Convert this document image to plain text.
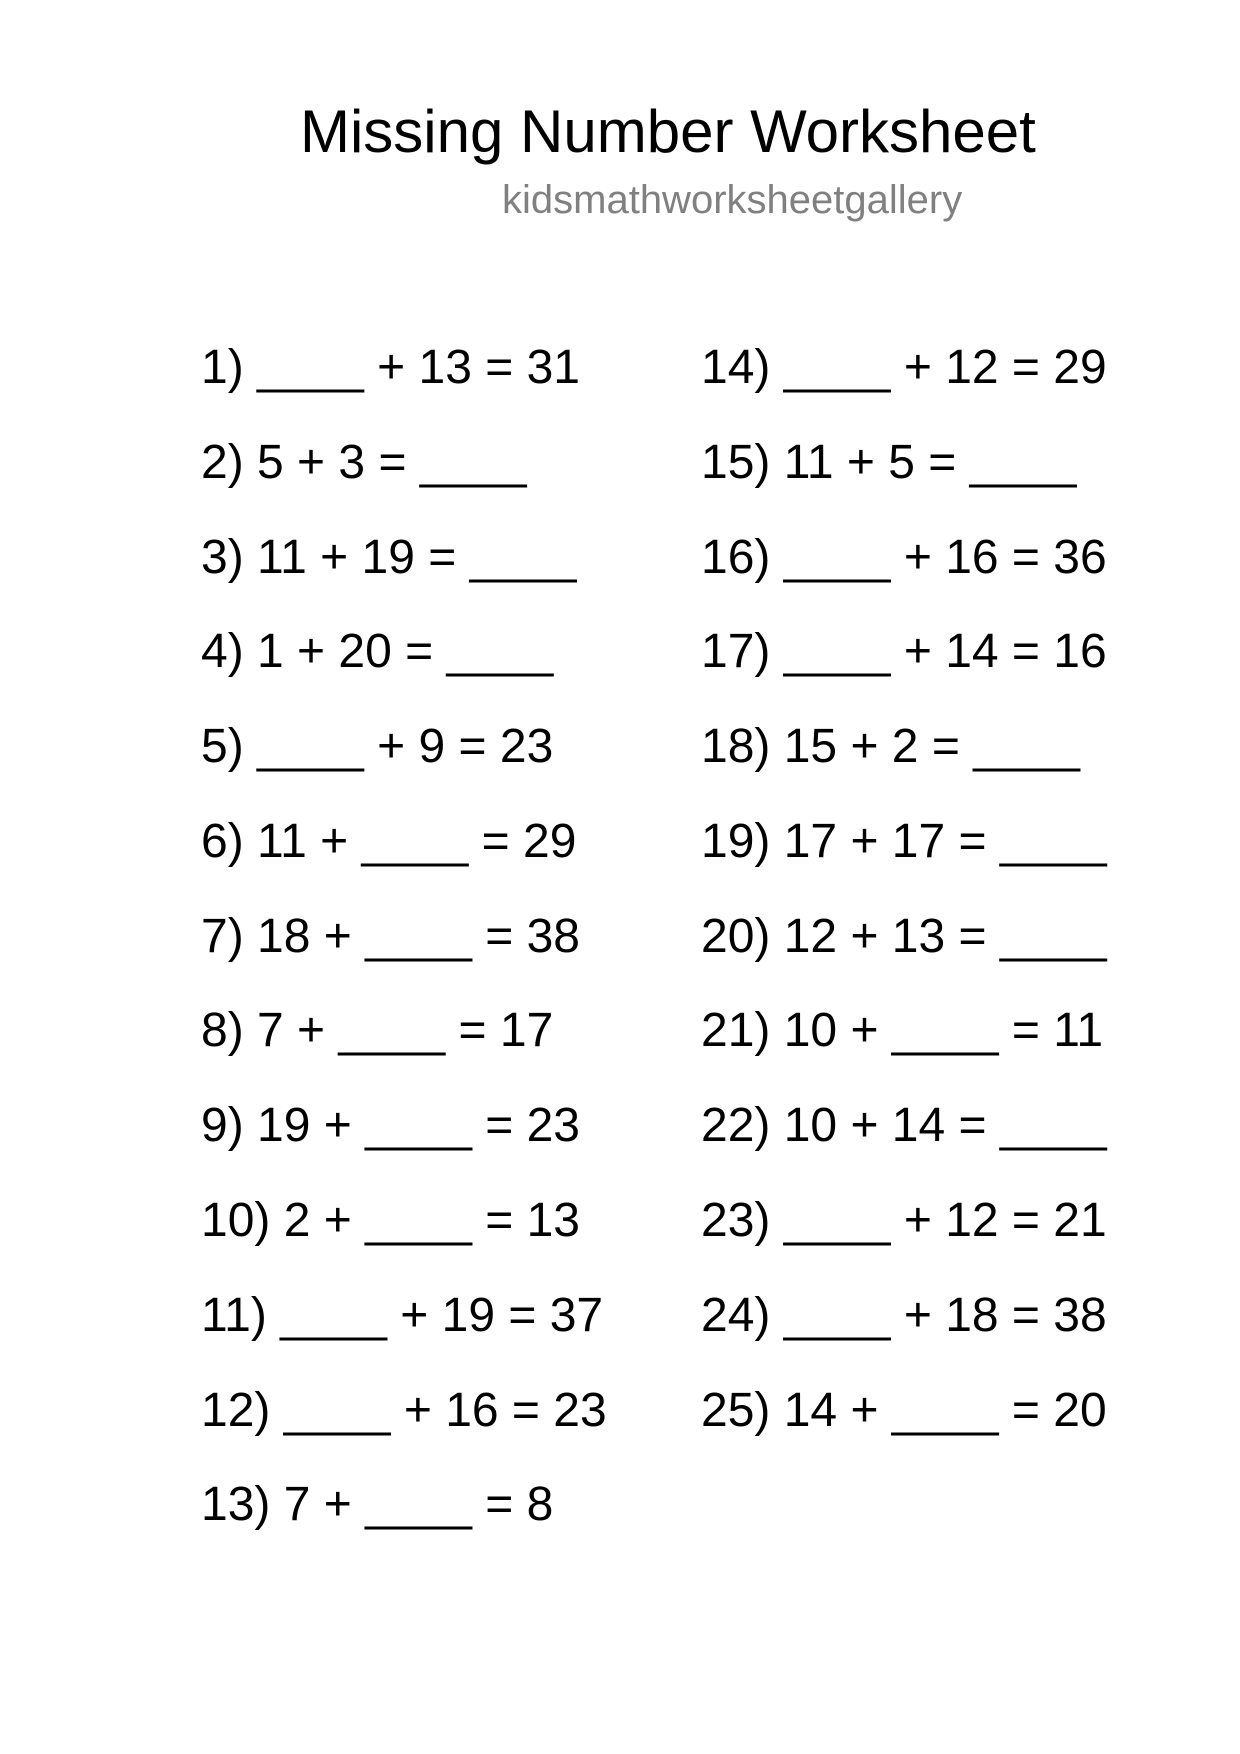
Missing Number Worksheet
kidsmathworksheetgallery
1) ____ + 13 = 31
2) 5 + 3 = ____
3) 11 + 19 = ____
4) 1 + 20 = ____
5) ____ + 9 = 23
6) 11 + ____ = 29
7) 18 + ____ = 38
8) 7 + ____ = 17
9) 19 + ____ = 23
10) 2 + ____ = 13
11) ____ + 19 = 37
12) ____ + 16 = 23
13) 7 + ____ = 8
14) ____ + 12 = 29
15) 11 + 5 = ____
16) ____ + 16 = 36
17) ____ + 14 = 16
18) 15 + 2 = ____
19) 17 + 17 = ____
20) 12 + 13 = ____
21) 10 + ____ = 11
22) 10 + 14 = ____
23) ____ + 12 = 21
24) ____ + 18 = 38
25) 14 + ____ = 20
